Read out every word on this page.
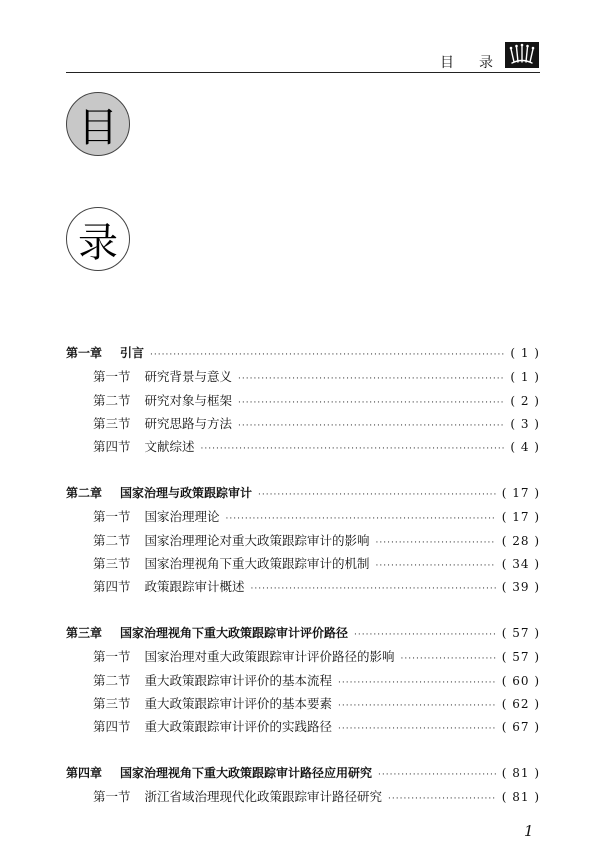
目 录
目
录
第一章 引言 ·····	( 1 )
第一节 研究背景与意义 ·····	( 1 )
第二节 研究对象与框架 ·····	( 2 )
第三节 研究思路与方法 ·····	( 3 )
第四节 文献综述 ·····	( 4 )
第二章 国家治理与政策跟踪审计 ·····	( 17 )
第一节 国家治理理论 ·····	( 17 )
第二节 国家治理理论对重大政策跟踪审计的影响 ·····	( 28 )
第三节 国家治理视角下重大政策跟踪审计的机制 ·····	( 34 )
第四节 政策跟踪审计概述 ·····	( 39 )
第三章 国家治理视角下重大政策跟踪审计评价路径 ·····	( 57 )
第一节 国家治理对重大政策跟踪审计评价路径的影响 ·····	( 57 )
第二节 重大政策跟踪审计评价的基本流程 ·····	( 60 )
第三节 重大政策跟踪审计评价的基本要素 ·····	( 62 )
第四节 重大政策跟踪审计评价的实践路径 ·····	( 67 )
第四章 国家治理视角下重大政策跟踪审计路径应用研究 ·····	( 81 )
第一节 浙江省域治理现代化政策跟踪审计路径研究 ·····	( 81 )
1
